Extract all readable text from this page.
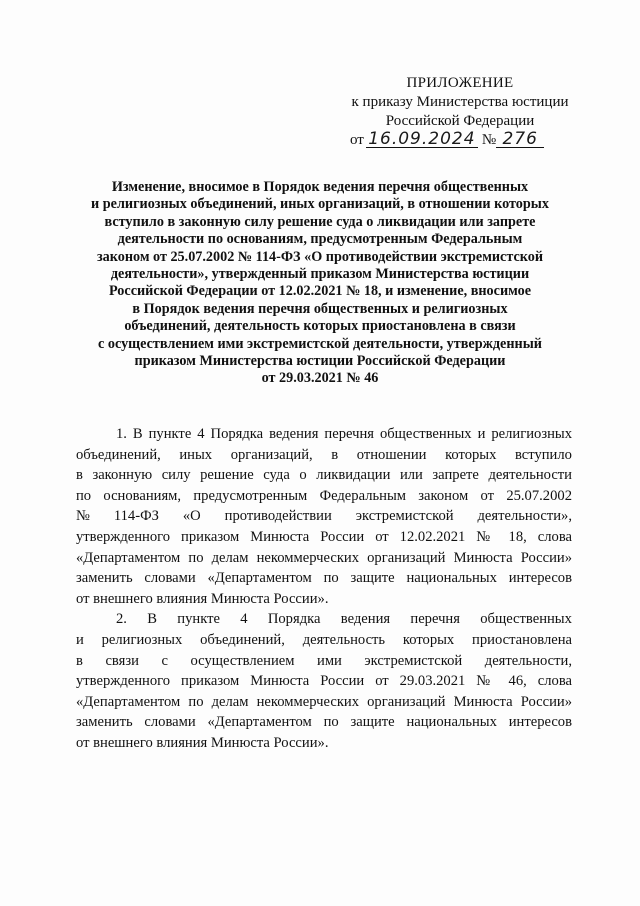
ПРИЛОЖЕНИЕ
к приказу Министерства юстиции
Российской Федерации
от 16.09.2024 № 276
Изменение, вносимое в Порядок ведения перечня общественных
и религиозных объединений, иных организаций, в отношении которых
вступило в законную силу решение суда о ликвидации или запрете
деятельности по основаниям, предусмотренным Федеральным
законом от 25.07.2002 № 114-ФЗ «О противодействии экстремистской
деятельности», утвержденный приказом Министерства юстиции
Российской Федерации от 12.02.2021 № 18, и изменение, вносимое
в Порядок ведения перечня общественных и религиозных
объединений, деятельность которых приостановлена в связи
с осуществлением ими экстремистской деятельности, утвержденный
приказом Министерства юстиции Российской Федерации
от 29.03.2021 № 46
1. В пункте 4 Порядка ведения перечня общественных и религиозных
объединений, иных организаций, в отношении которых вступило
в законную силу решение суда о ликвидации или запрете деятельности
по основаниям, предусмотренным Федеральным законом от 25.07.2002
№ 114-ФЗ «О противодействии экстремистской деятельности»,
утвержденного приказом Минюста России от 12.02.2021 № 18, слова
«Департаментом по делам некоммерческих организаций Минюста России»
заменить словами «Департаментом по защите национальных интересов
от внешнего влияния Минюста России».
2. В пункте 4 Порядка ведения перечня общественных
и религиозных объединений, деятельность которых приостановлена
в связи с осуществлением ими экстремистской деятельности,
утвержденного приказом Минюста России от 29.03.2021 № 46, слова
«Департаментом по делам некоммерческих организаций Минюста России»
заменить словами «Департаментом по защите национальных интересов
от внешнего влияния Минюста России».
